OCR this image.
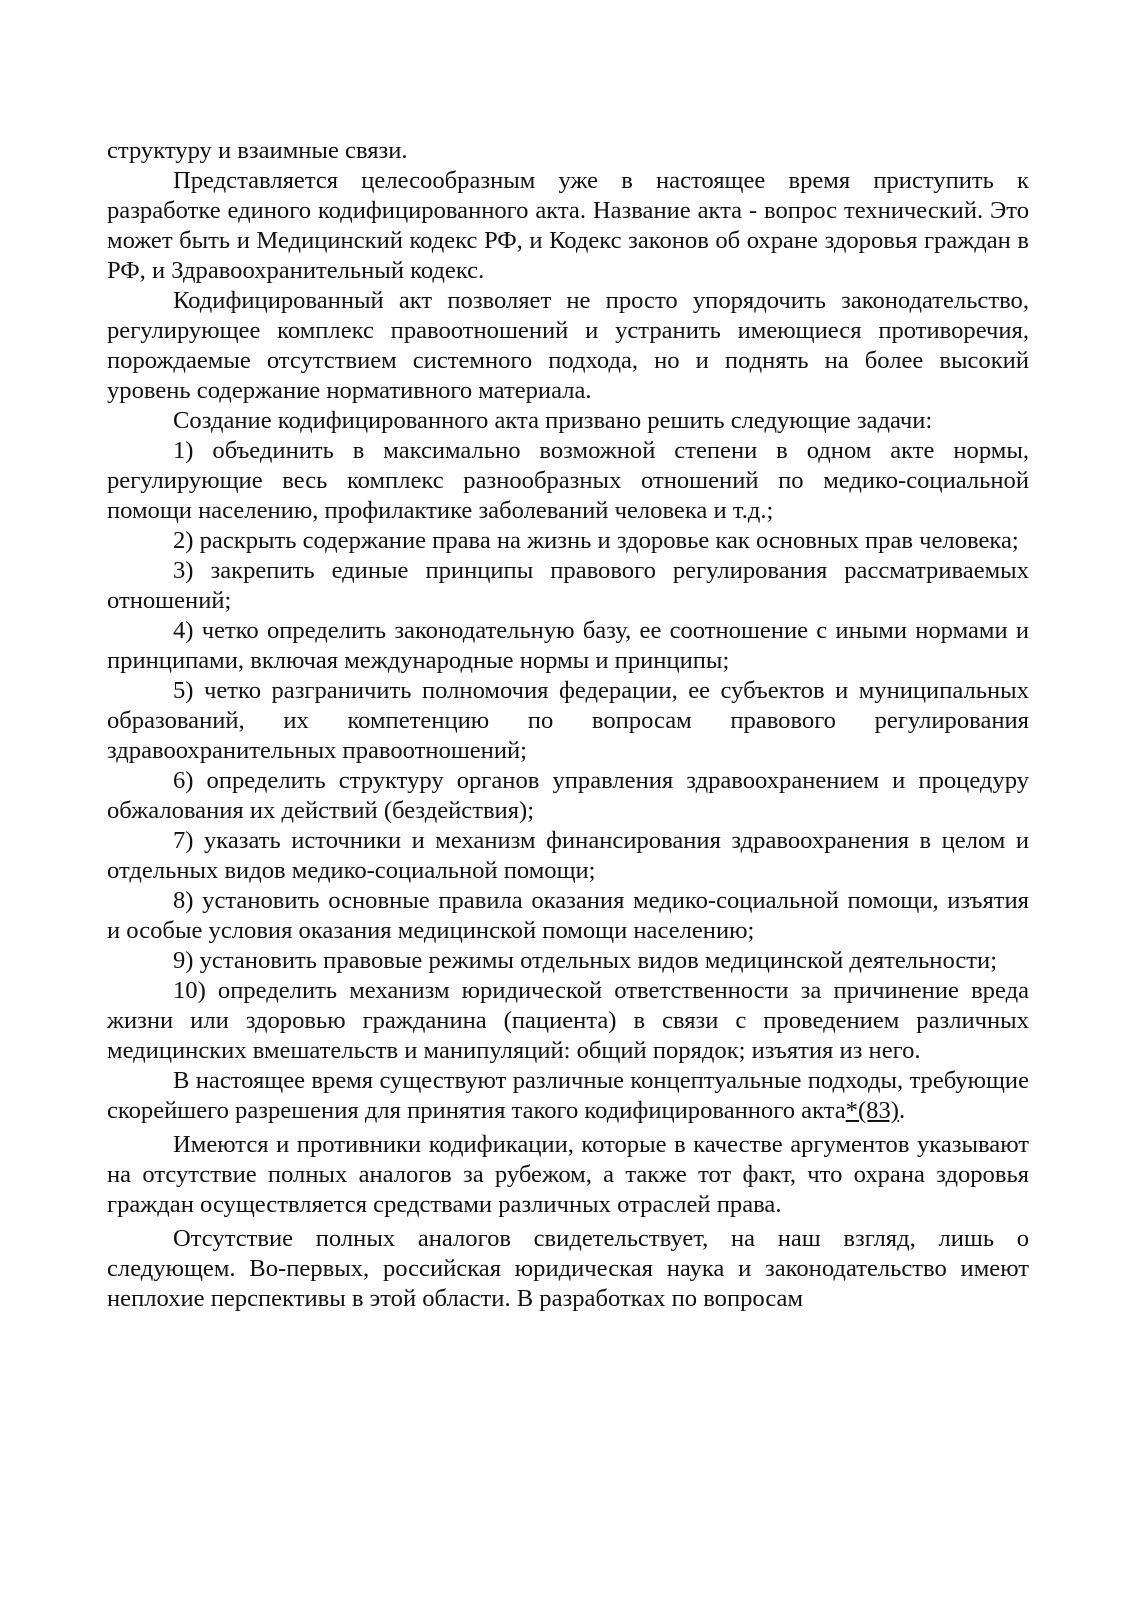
структуру и взаимные связи.

Представляется целесообразным уже в настоящее время приступить к разработке единого кодифицированного акта. Название акта - вопрос технический. Это может быть и Медицинский кодекс РФ, и Кодекс законов об охране здоровья граждан в РФ, и Здравоохранительный кодекс.

Кодифицированный акт позволяет не просто упорядочить законодательство, регулирующее комплекс правоотношений и устранить имеющиеся противоречия, порождаемые отсутствием системного подхода, но и поднять на более высокий уровень содержание нормативного материала.

Создание кодифицированного акта призвано решить следующие задачи:

1) объединить в максимально возможной степени в одном акте нормы, регулирующие весь комплекс разнообразных отношений по медико-социальной помощи населению, профилактике заболеваний человека и т.д.;

2) раскрыть содержание права на жизнь и здоровье как основных прав человека;

3) закрепить единые принципы правового регулирования рассматриваемых отношений;

4) четко определить законодательную базу, ее соотношение с иными нормами и принципами, включая международные нормы и принципы;

5) четко разграничить полномочия федерации, ее субъектов и муниципальных образований, их компетенцию по вопросам правового регулирования здравоохранительных правоотношений;

6) определить структуру органов управления здравоохранением и процедуру обжалования их действий (бездействия);

7) указать источники и механизм финансирования здравоохранения в целом и отдельных видов медико-социальной помощи;

8) установить основные правила оказания медико-социальной помощи, изъятия и особые условия оказания медицинской помощи населению;

9) установить правовые режимы отдельных видов медицинской деятельности;

10) определить механизм юридической ответственности за причинение вреда жизни или здоровью гражданина (пациента) в связи с проведением различных медицинских вмешательств и манипуляций: общий порядок; изъятия из него.

В настоящее время существуют различные концептуальные подходы, требующие скорейшего разрешения для принятия такого кодифицированного акта*(83).

Имеются и противники кодификации, которые в качестве аргументов указывают на отсутствие полных аналогов за рубежом, а также тот факт, что охрана здоровья граждан осуществляется средствами различных отраслей права.

Отсутствие полных аналогов свидетельствует, на наш взгляд, лишь о следующем. Во-первых, российская юридическая наука и законодательство имеют неплохие перспективы в этой области. В разработках по вопросам
